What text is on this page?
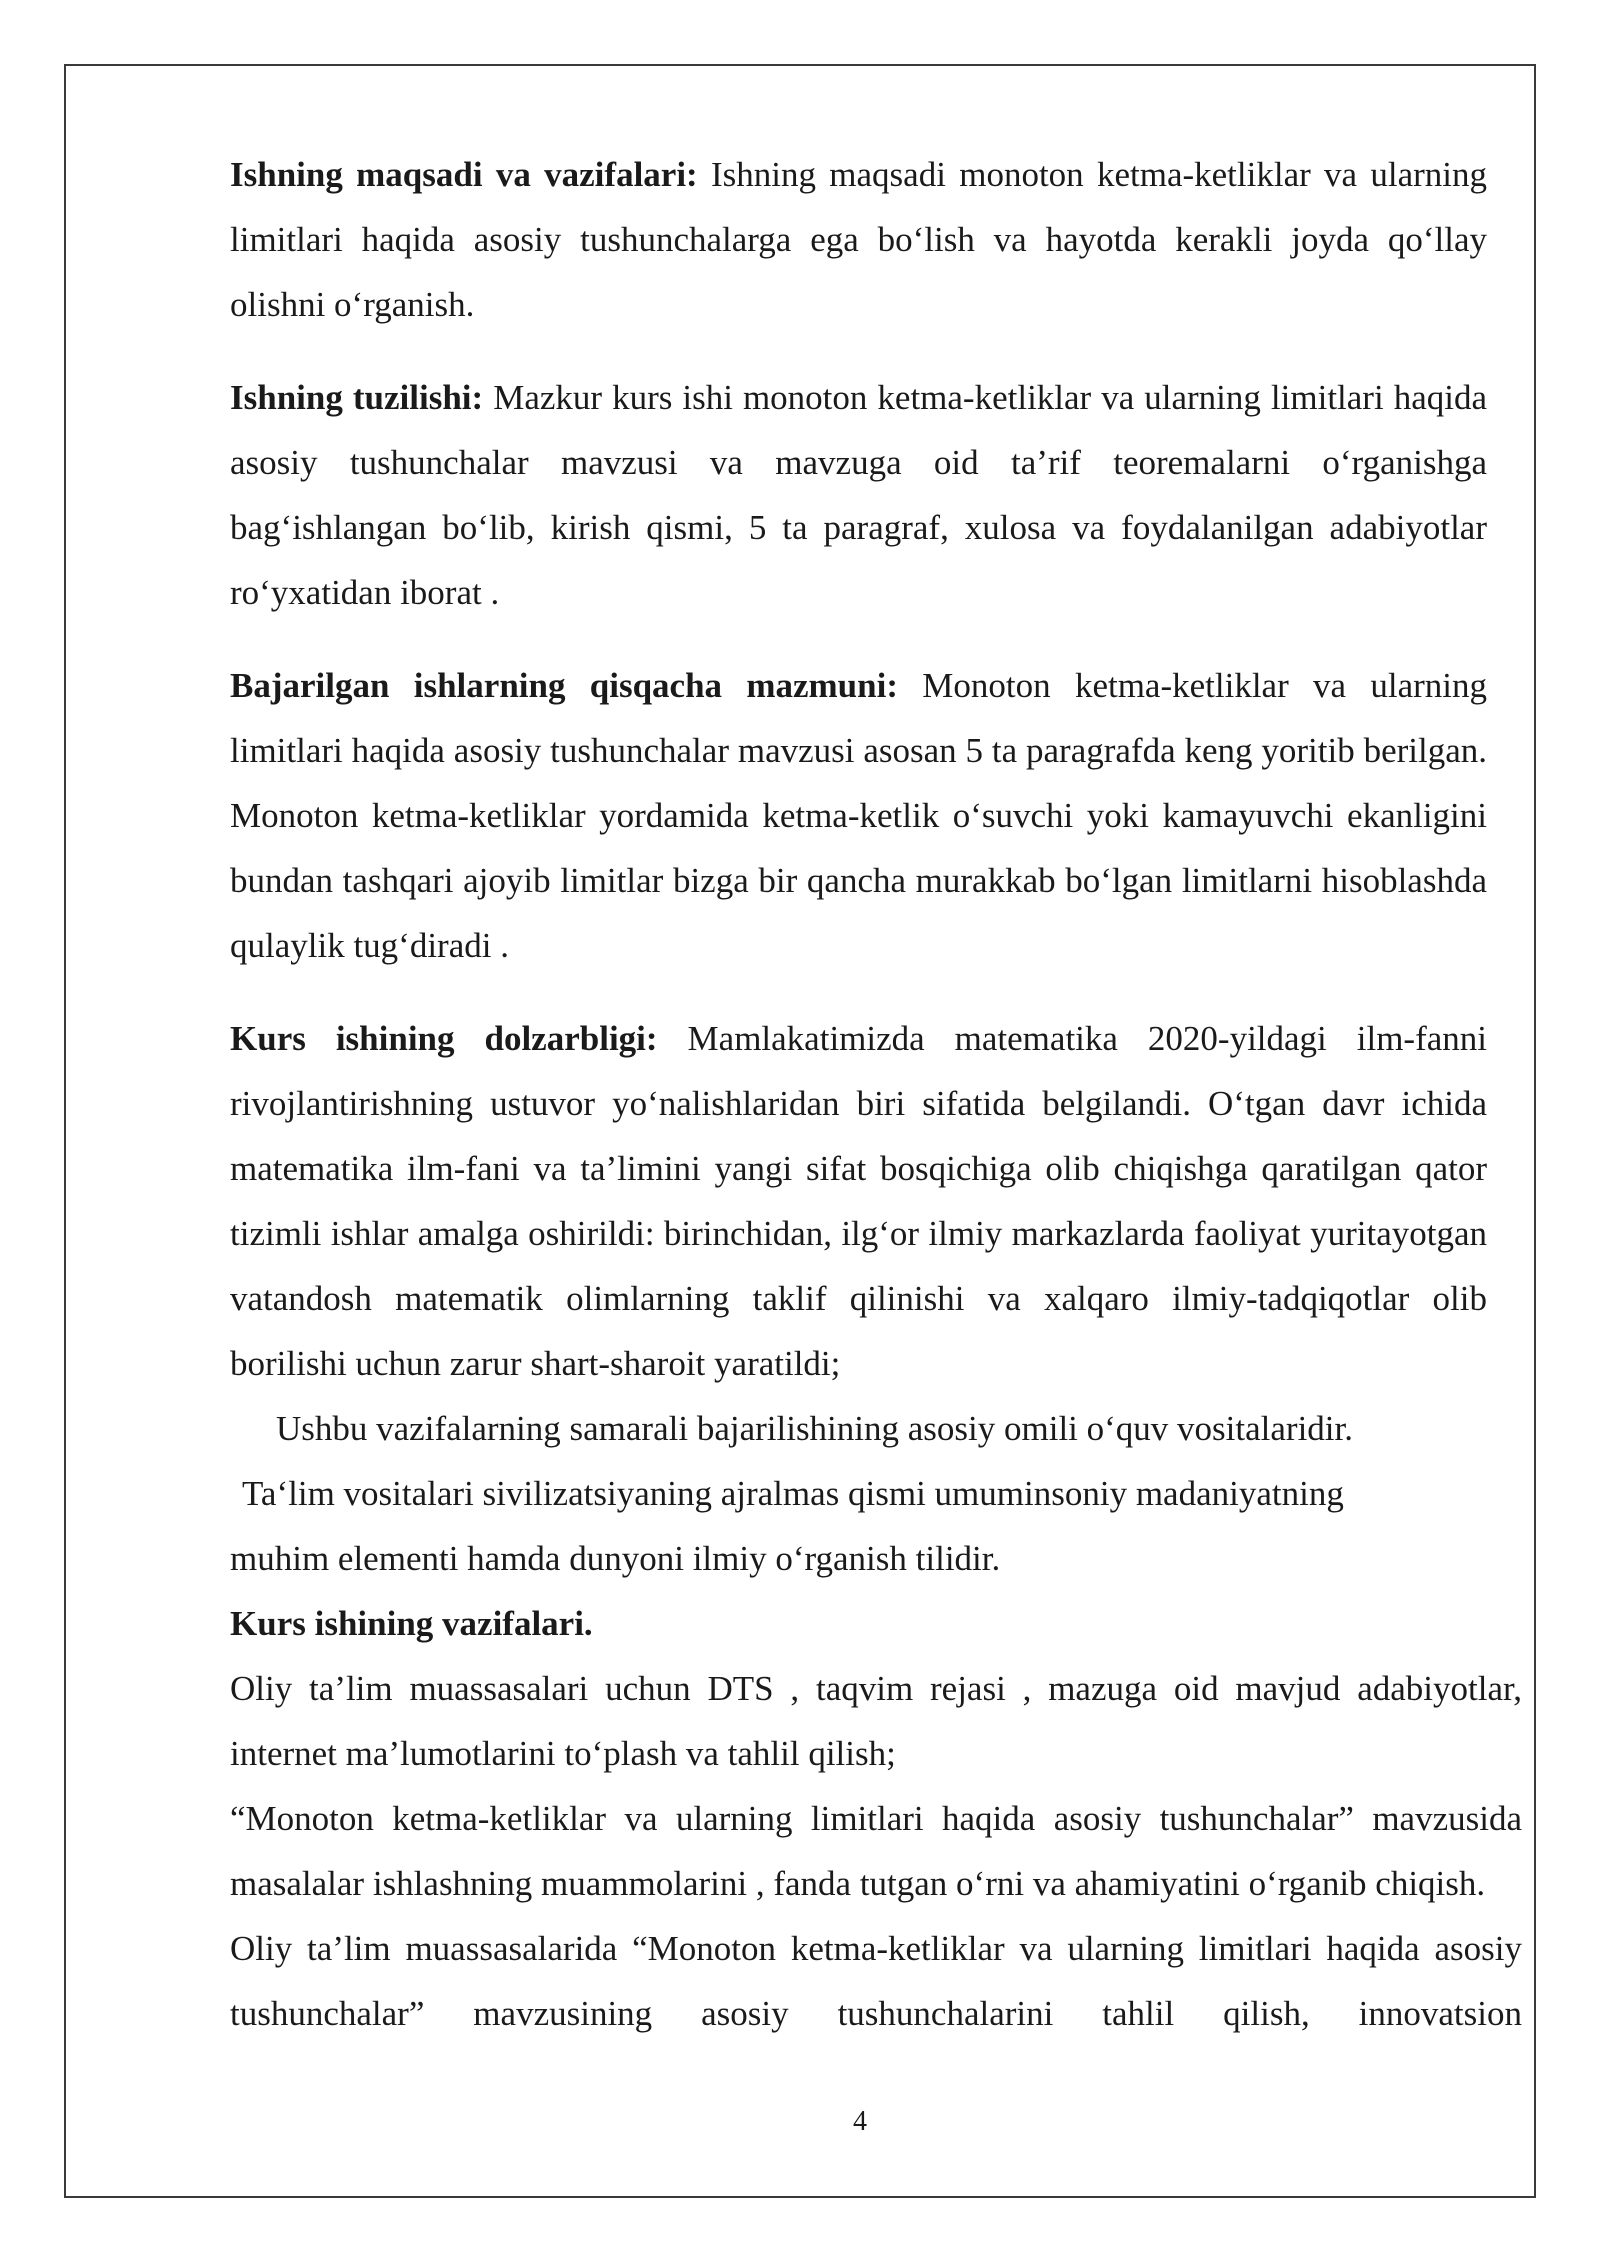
Ishning maqsadi va vazifalari: Ishning maqsadi monoton ketma-ketliklar va ularning limitlari haqida asosiy tushunchalarga ega bo‘lish va hayotda kerakli joyda qo‘llay olishni o‘rganish.

Ishning tuzilishi: Mazkur kurs ishi monoton ketma-ketliklar va ularning limitlari haqida asosiy tushunchalar mavzusi va mavzuga oid ta’rif teoremalarni o‘rganishga bag‘ishlangan bo‘lib, kirish qismi, 5 ta paragraf, xulosa va foydalanilgan adabiyotlar ro‘yxatidan iborat .

Bajarilgan ishlarning qisqacha mazmuni: Monoton ketma-ketliklar va ularning limitlari haqida asosiy tushunchalar mavzusi asosan 5 ta paragrafda keng yoritib berilgan. Monoton ketma-ketliklar yordamida ketma-ketlik o‘suvchi yoki kamayuvchi ekanligini bundan tashqari ajoyib limitlar bizga bir qancha murakkab bo‘lgan limitlarni hisoblashda qulaylik tug‘diradi .

Kurs ishining dolzarbligi: Mamlakatimizda matematika 2020-yildagi ilm-fanni rivojlantirishning ustuvor yo‘nalishlaridan biri sifatida belgilandi. O‘tgan davr ichida matematika ilm-fani va ta’limini yangi sifat bosqichiga olib chiqishga qaratilgan qator tizimli ishlar amalga oshirildi: birinchidan, ilg‘or ilmiy markazlarda faoliyat yuritayotgan vatandosh matematik olimlarning taklif qilinishi va xalqaro ilmiy-tadqiqotlar olib borilishi uchun zarur shart-sharoit yaratildi;

Ushbu vazifalarning samarali bajarilishining asosiy omili o‘quv vositalaridir.

Ta‘lim vositalari sivilizatsiyaning ajralmas qismi umuminsoniy madaniyatning

muhim elementi hamda dunyoni ilmiy o‘rganish tilidir.

Kurs ishining vazifalari.

Oliy ta’lim muassasalari uchun DTS , taqvim rejasi , mazuga oid mavjud adabiyotlar, internet ma’lumotlarini to‘plash va tahlil qilish;

“Monoton ketma-ketliklar va ularning limitlari haqida asosiy tushunchalar” mavzusida masalalar ishlashning muammolarini , fanda tutgan o‘rni va ahamiyatini o‘rganib chiqish.

Oliy ta’lim muassasalarida “Monoton ketma-ketliklar va ularning limitlari haqida asosiy tushunchalar” mavzusining asosiy tushunchalarini tahlil qilish, innovatsion

4
